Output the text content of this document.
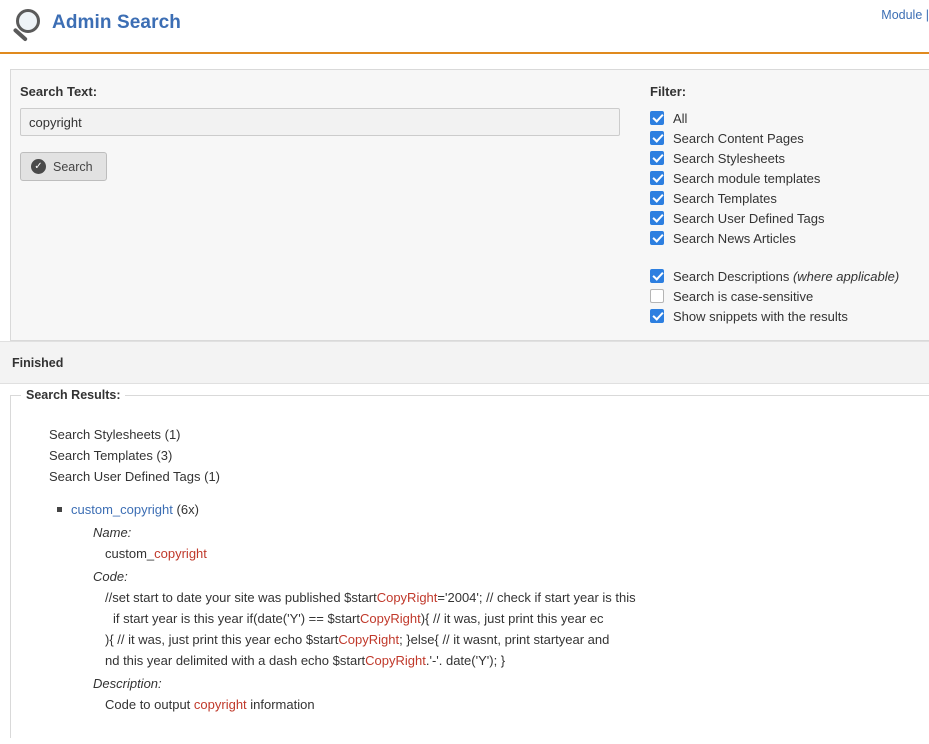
Admin Search	Module |
Search Text:
copyright
✓ Search
Filter:
All
Search Content Pages
Search Stylesheets
Search module templates
Search Templates
Search User Defined Tags
Search News Articles
Search Descriptions (where applicable)
Search is case-sensitive
Show snippets with the results
Finished
Search Results:
Search Stylesheets (1)
Search Templates (3)
Search User Defined Tags (1)
custom_copyright (6x)
Name:
custom_copyright
Code:
//set start to date your site was published $startCopyRight='2004'; // check if start year is this
if start year is this year if(date('Y') == $startCopyRight){ // it was, just print this year ec
){ // it was, just print this year echo $startCopyRight; }else{ // it wasnt, print startyear and
nd this year delimited with a dash echo $startCopyRight.'-'. date('Y'); }
Description:
Code to output copyright information
